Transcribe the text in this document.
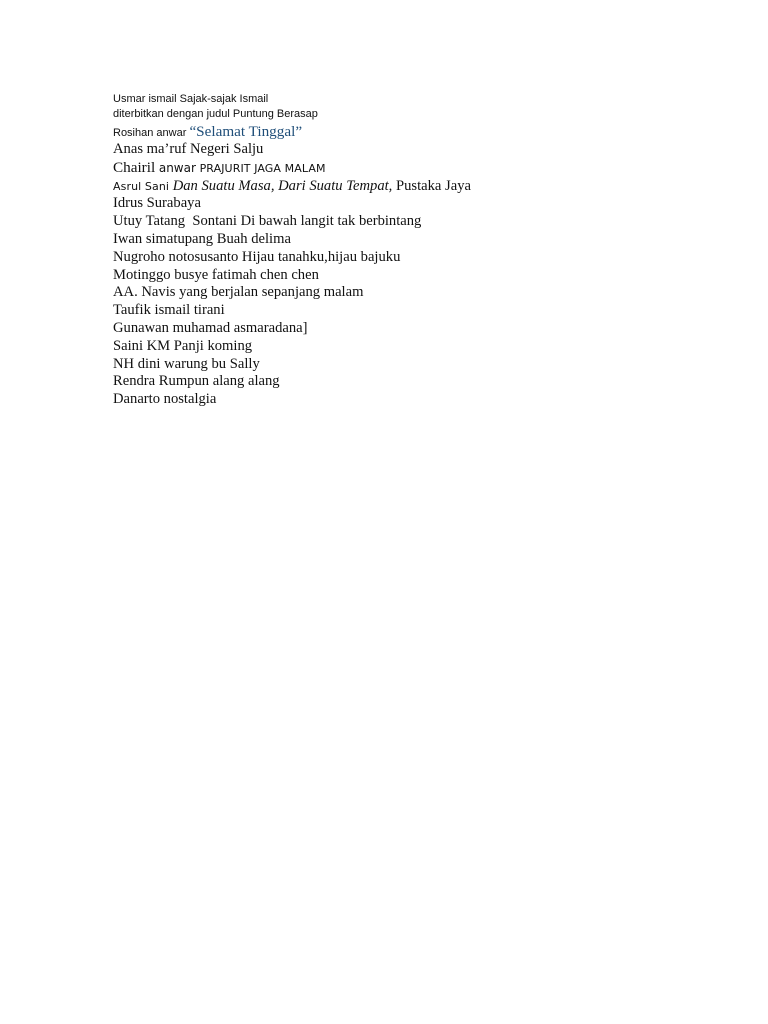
Usmar ismail Sajak-sajak Ismail
diterbitkan dengan judul Puntung Berasap
Rosihan anwar “Selamat Tinggal”
Anas ma’ruf Negeri Salju
Chairil anwar PRAJURIT JAGA MALAM
Asrul Sani Dan Suatu Masa, Dari Suatu Tempat, Pustaka Jaya
Idrus Surabaya
Utuy Tatang  Sontani Di bawah langit tak berbintang
Iwan simatupang Buah delima
Nugroho notosusanto Hijau tanahku,hijau bajuku
Motinggo busye fatimah chen chen
AA. Navis yang berjalan sepanjang malam
Taufik ismail tirani
Gunawan muhamad asmaradana]
Saini KM Panji koming
NH dini warung bu Sally
Rendra Rumpun alang alang
Danarto nostalgia
